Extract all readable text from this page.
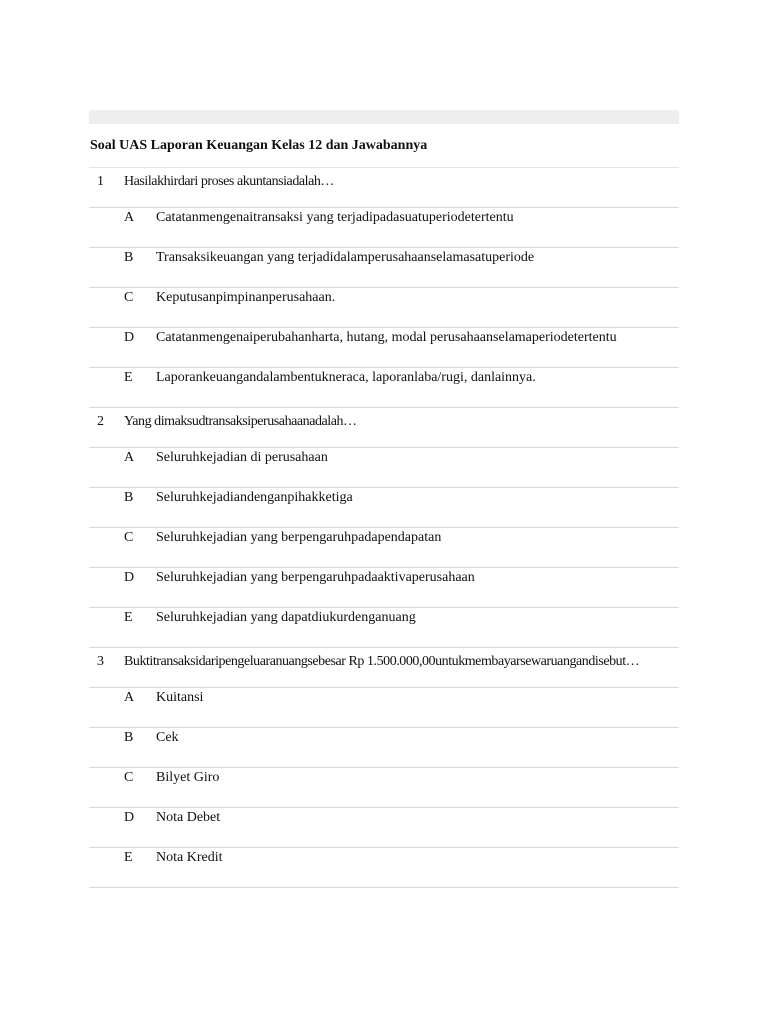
Soal UAS Laporan Keuangan Kelas 12 dan Jawabannya
1 Hasilakhirdari proses akuntansiadalah…
A Catatanmengenaitransaksi yang terjadipadasuatuperiodetertentu
B Transaksikeuangan yang terjadidalamperusahaanselamasatuperiode
C Keputusanpimpinanperusahaan.
D Catatanmengenaiperubahanharta, hutang, modal perusahaanselamaperiodetertentu
E Laporankeuangandalambentukneraca, laporanlaba/rugi, danlainnya.
2 Yang dimaksudtransaksiperusahaanadalah…
A Seluruhkejadian di perusahaan
B Seluruhkejadiandenganpihakketiga
C Seluruhkejadian yang berpengaruhpadapendapatan
D Seluruhkejadian yang berpengaruhpadaaktivaperusahaan
E Seluruhkejadian yang dapatdiukurdenganuang
3 Buktitransaksidaripengeluaranuangsebesar Rp 1.500.000,00untukmembayarsewaruangandisebut…
A Kuitansi
B Cek
C Bilyet Giro
D Nota Debet
E Nota Kredit
